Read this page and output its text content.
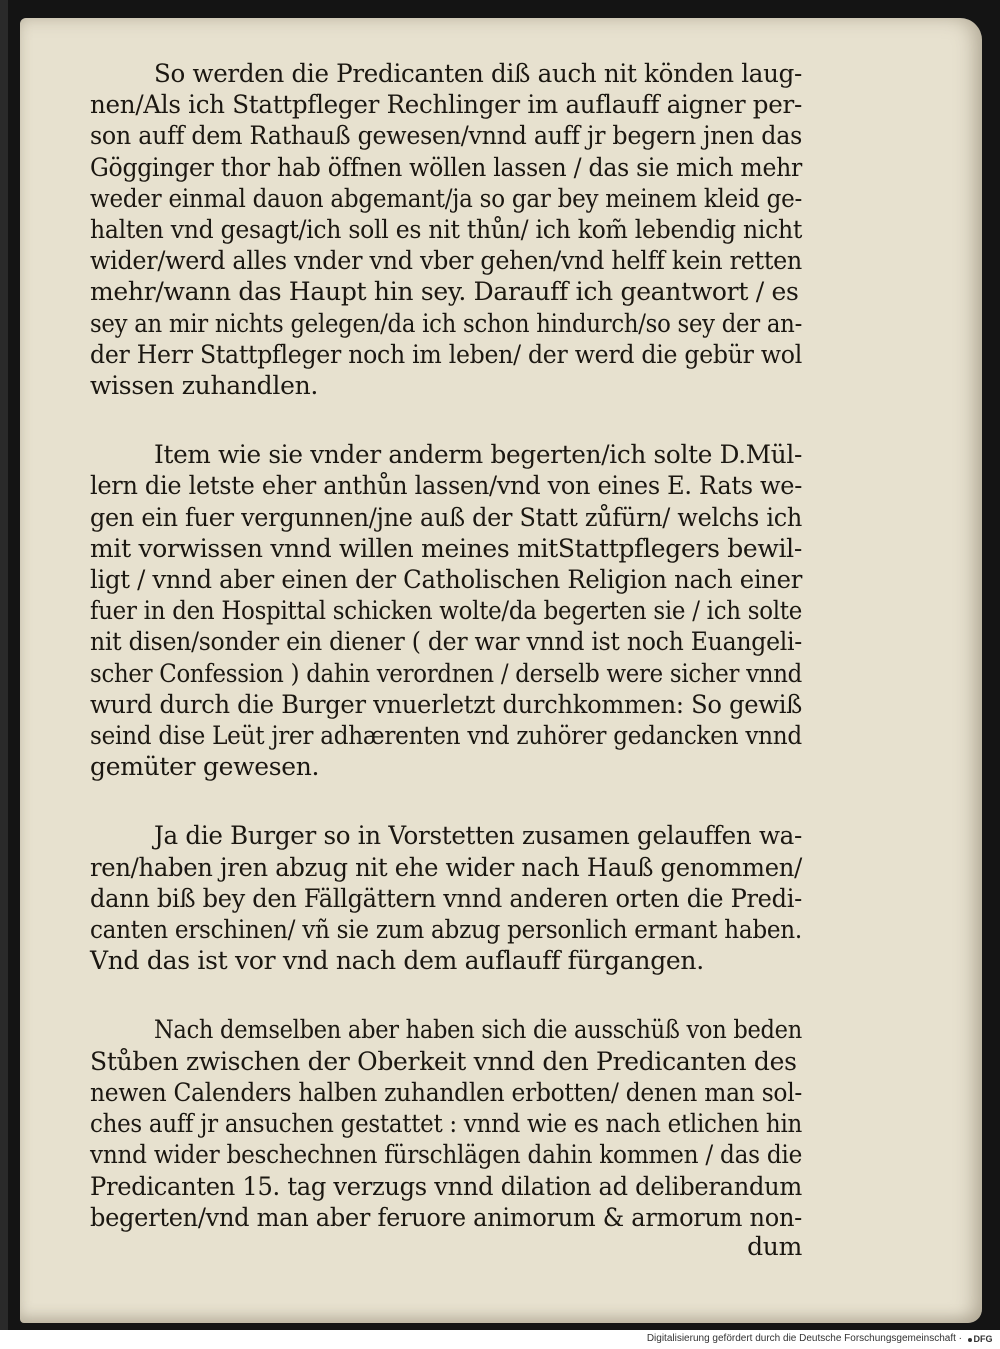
So werden die Predicanten diß auch nit könden laug-
nen/Als ich Stattpfleger Rechlinger im auflauff aigner per-
son auff dem Rathauß gewesen/vnnd auff jr begern jnen das
Gögginger thor hab öffnen wöllen lassen / das sie mich mehr
weder einmal dauon abgemant/ja so gar bey meinem kleid ge-
halten vnd gesagt/ich soll es nit thůn/ ich kom̃ lebendig nicht
wider/werd alles vnder vnd vber gehen/vnd helff kein retten
mehr/wann das Haupt hin sey. Darauff ich geantwort / es
sey an mir nichts gelegen/da ich schon hindurch/so sey der an-
der Herr Stattpfleger noch im leben/ der werd die gebür wol
wissen zuhandlen.
Item wie sie vnder anderm begerten/ich solte D.Mül-
lern die letste eher anthůn lassen/vnd von eines E. Rats we-
gen ein fuer vergunnen/jne auß der Statt zůfürn/ welchs ich
mit vorwissen vnnd willen meines mitStattpflegers bewil-
ligt / vnnd aber einen der Catholischen Religion nach einer
fuer in den Hospittal schicken wolte/da begerten sie / ich solte
nit disen/sonder ein diener ( der war vnnd ist noch Euangeli-
scher Confession ) dahin verordnen / derselb were sicher vnnd
wurd durch die Burger vnuerletzt durchkommen: So gewiß
seind dise Leüt jrer adhærenten vnd zuhörer gedancken vnnd
gemüter gewesen.
Ja die Burger so in Vorstetten zusamen gelauffen wa-
ren/haben jren abzug nit ehe wider nach Hauß genommen/
dann biß bey den Fällgättern vnnd anderen orten die Predi-
canten erschinen/ vñ sie zum abzug personlich ermant haben.
Vnd das ist vor vnd nach dem auflauff fürgangen.
Nach demselben aber haben sich die ausschüß von beden
Stůben zwischen der Oberkeit vnnd den Predicanten des
newen Calenders halben zuhandlen erbotten/ denen man sol-
ches auff jr ansuchen gestattet : vnnd wie es nach etlichen hin
vnnd wider beschechnen fürschlägen dahin kommen / das die
Predicanten 15. tag verzugs vnnd dilation ad deliberandum
begerten/vnd man aber feruore animorum & armorum non-
dum
Digitalisierung gefördert durch die Deutsche Forschungsgemeinschaft ·	DFG
